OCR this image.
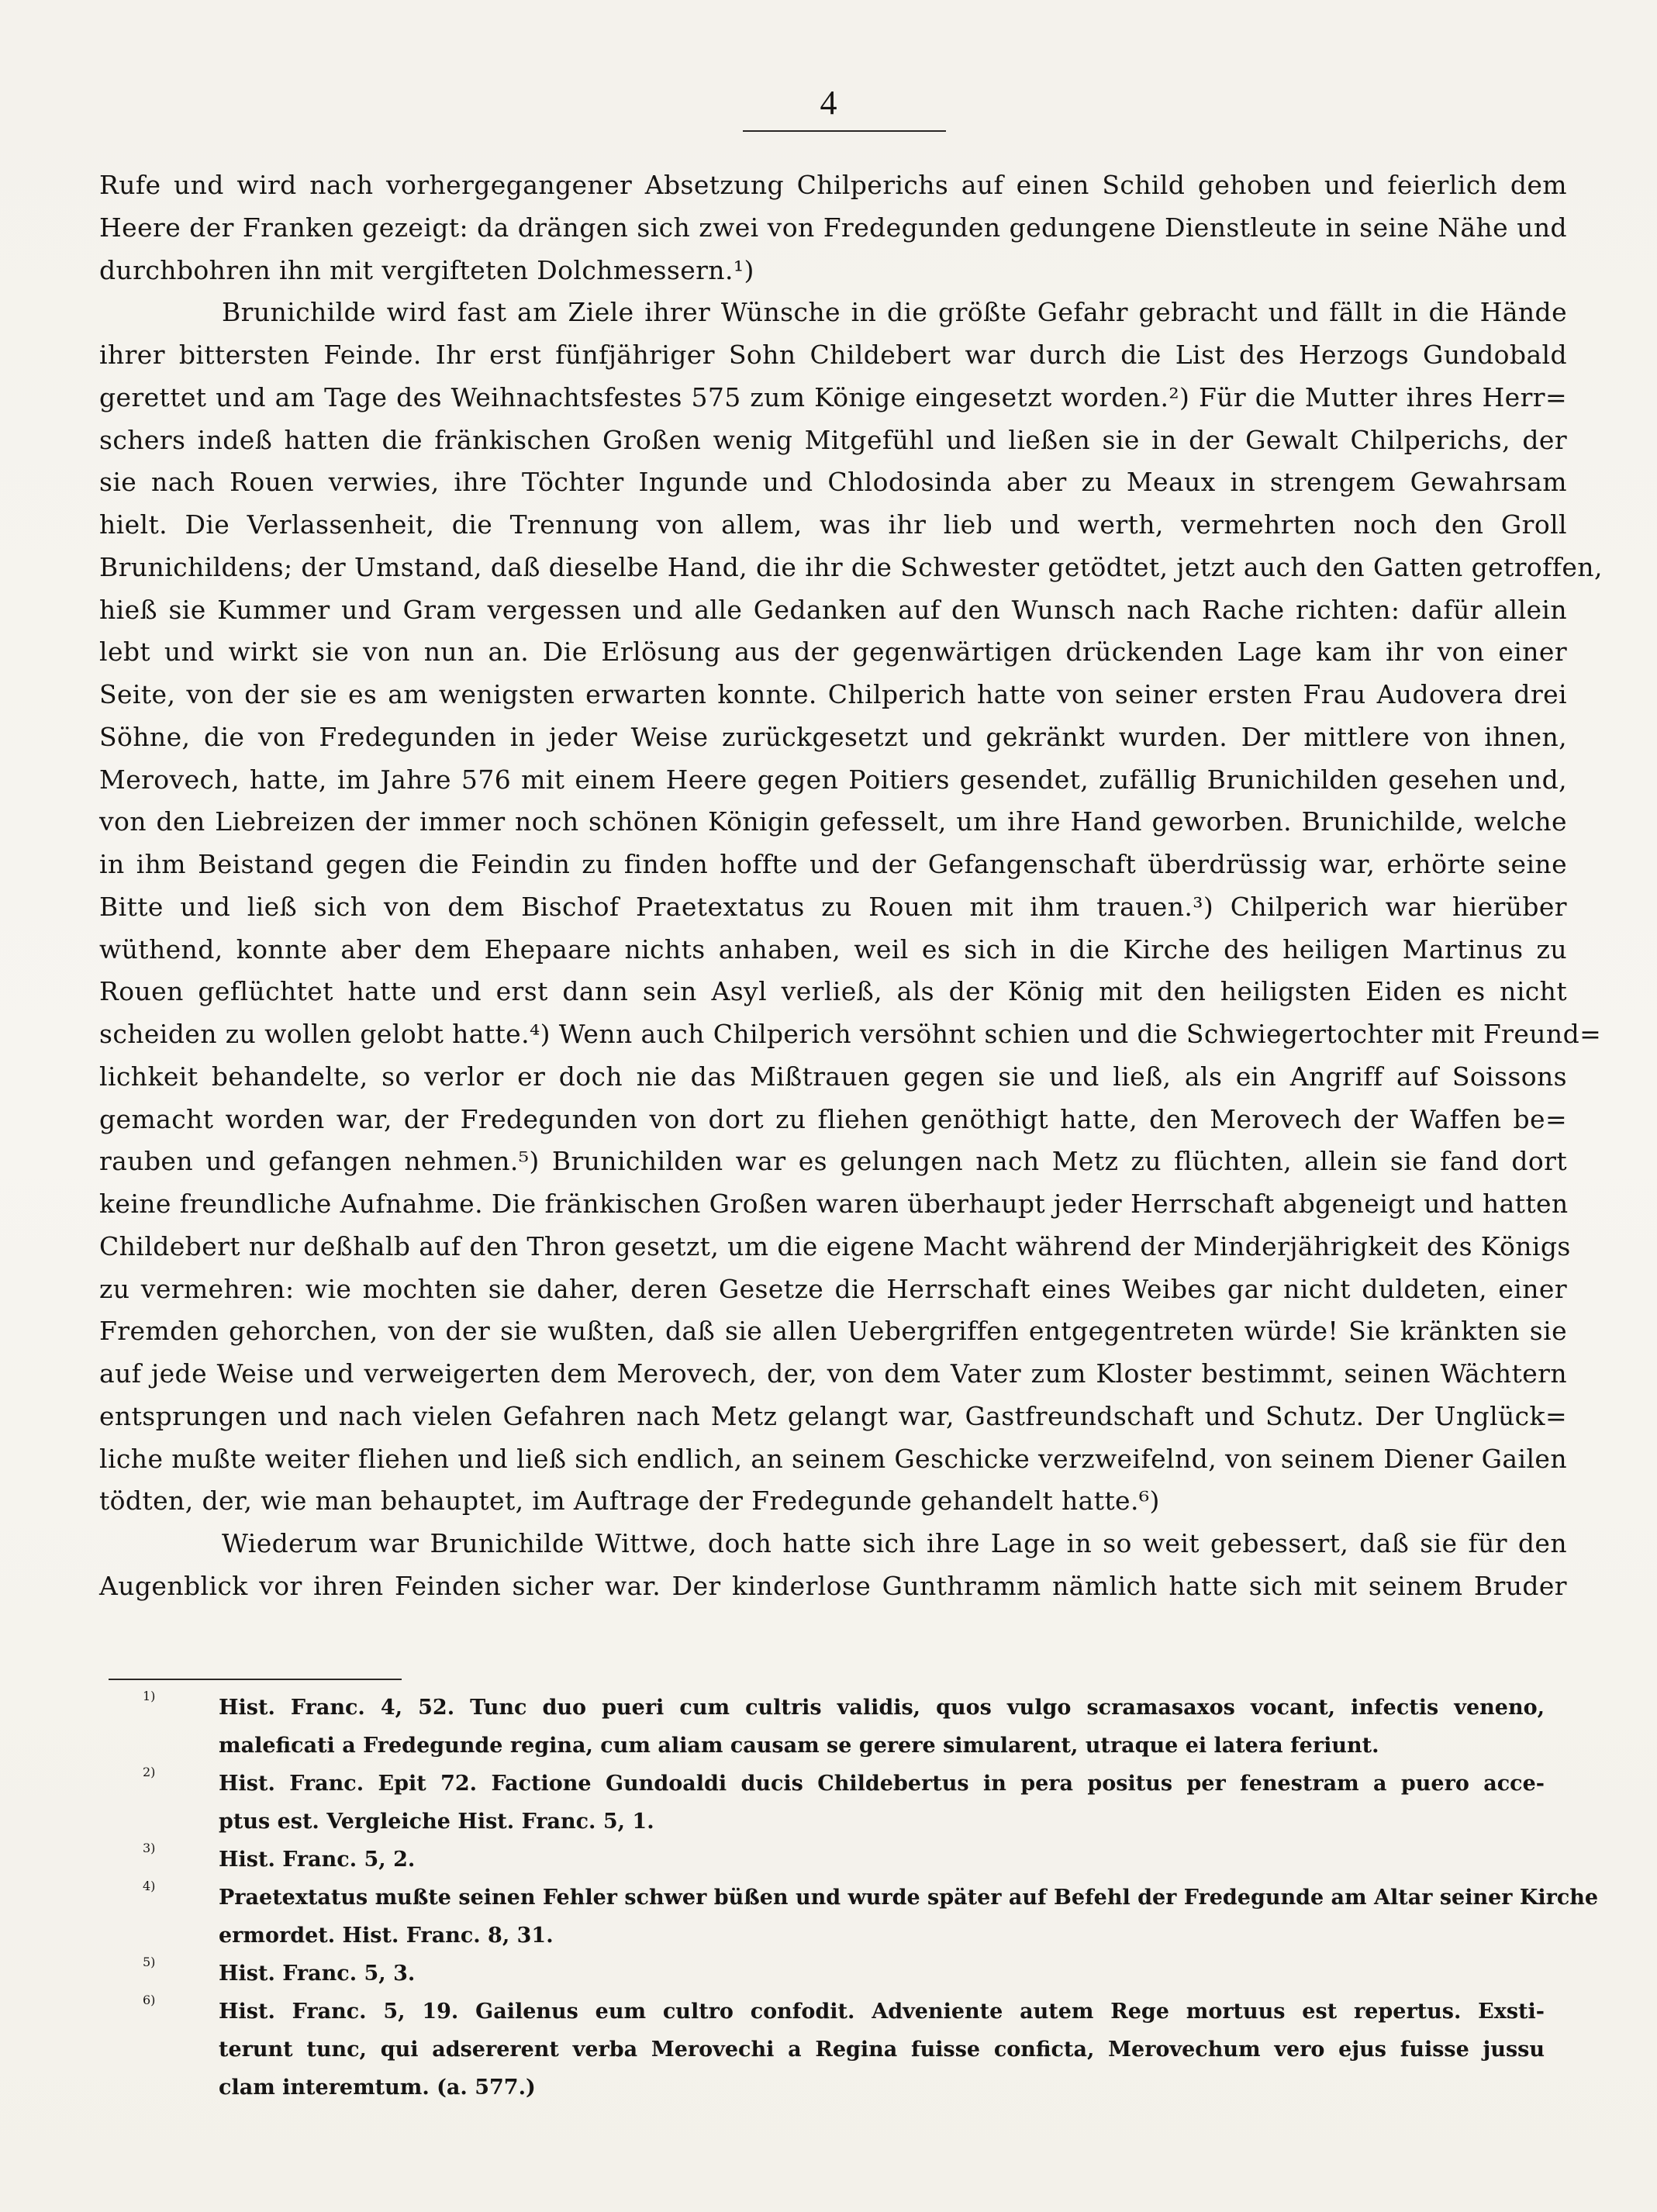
4
Rufe und wird nach vorhergegangener Absetzung Chilperichs auf einen Schild gehoben und feierlich dem
Heere der Franken gezeigt: da drängen sich zwei von Fredegunden gedungene Dienstleute in seine Nähe und
durchbohren ihn mit vergifteten Dolchmessern.¹)
Brunichilde wird fast am Ziele ihrer Wünsche in die größte Gefahr gebracht und fällt in die Hände
ihrer bittersten Feinde. Ihr erst fünfjähriger Sohn Childebert war durch die List des Herzogs Gundobald
gerettet und am Tage des Weihnachtsfestes 575 zum Könige eingesetzt worden.²) Für die Mutter ihres Herr=
schers indeß hatten die fränkischen Großen wenig Mitgefühl und ließen sie in der Gewalt Chilperichs, der
sie nach Rouen verwies, ihre Töchter Ingunde und Chlodosinda aber zu Meaux in strengem Gewahrsam
hielt. Die Verlassenheit, die Trennung von allem, was ihr lieb und werth, vermehrten noch den Groll
Brunichildens; der Umstand, daß dieselbe Hand, die ihr die Schwester getödtet, jetzt auch den Gatten getroffen,
hieß sie Kummer und Gram vergessen und alle Gedanken auf den Wunsch nach Rache richten: dafür allein
lebt und wirkt sie von nun an. Die Erlösung aus der gegenwärtigen drückenden Lage kam ihr von einer
Seite, von der sie es am wenigsten erwarten konnte. Chilperich hatte von seiner ersten Frau Audovera drei
Söhne, die von Fredegunden in jeder Weise zurückgesetzt und gekränkt wurden. Der mittlere von ihnen,
Merovech, hatte, im Jahre 576 mit einem Heere gegen Poitiers gesendet, zufällig Brunichilden gesehen und,
von den Liebreizen der immer noch schönen Königin gefesselt, um ihre Hand geworben. Brunichilde, welche
in ihm Beistand gegen die Feindin zu finden hoffte und der Gefangenschaft überdrüssig war, erhörte seine
Bitte und ließ sich von dem Bischof Praetextatus zu Rouen mit ihm trauen.³) Chilperich war hierüber
wüthend, konnte aber dem Ehepaare nichts anhaben, weil es sich in die Kirche des heiligen Martinus zu
Rouen geflüchtet hatte und erst dann sein Asyl verließ, als der König mit den heiligsten Eiden es nicht
scheiden zu wollen gelobt hatte.⁴) Wenn auch Chilperich versöhnt schien und die Schwiegertochter mit Freund=
lichkeit behandelte, so verlor er doch nie das Mißtrauen gegen sie und ließ, als ein Angriff auf Soissons
gemacht worden war, der Fredegunden von dort zu fliehen genöthigt hatte, den Merovech der Waffen be=
rauben und gefangen nehmen.⁵) Brunichilden war es gelungen nach Metz zu flüchten, allein sie fand dort
keine freundliche Aufnahme. Die fränkischen Großen waren überhaupt jeder Herrschaft abgeneigt und hatten
Childebert nur deßhalb auf den Thron gesetzt, um die eigene Macht während der Minderjährigkeit des Königs
zu vermehren: wie mochten sie daher, deren Gesetze die Herrschaft eines Weibes gar nicht duldeten, einer
Fremden gehorchen, von der sie wußten, daß sie allen Uebergriffen entgegentreten würde! Sie kränkten sie
auf jede Weise und verweigerten dem Merovech, der, von dem Vater zum Kloster bestimmt, seinen Wächtern
entsprungen und nach vielen Gefahren nach Metz gelangt war, Gastfreundschaft und Schutz. Der Unglück=
liche mußte weiter fliehen und ließ sich endlich, an seinem Geschicke verzweifelnd, von seinem Diener Gailen
tödten, der, wie man behauptet, im Auftrage der Fredegunde gehandelt hatte.⁶)
Wiederum war Brunichilde Wittwe, doch hatte sich ihre Lage in so weit gebessert, daß sie für den
Augenblick vor ihren Feinden sicher war. Der kinderlose Gunthramm nämlich hatte sich mit seinem Bruder
1)	Hist. Franc. 4, 52. Tunc duo pueri cum cultris validis, quos vulgo scramasaxos vocant, infectis veneno,
maleficati a Fredegunde regina, cum aliam causam se gerere simularent, utraque ei latera feriunt.
2)	Hist. Franc. Epit 72. Factione Gundoaldi ducis Childebertus in pera positus per fenestram a puero acce-
ptus est. Vergleiche Hist. Franc. 5, 1.
3)	Hist. Franc. 5, 2.
4)	Praetextatus mußte seinen Fehler schwer büßen und wurde später auf Befehl der Fredegunde am Altar seiner Kirche
ermordet. Hist. Franc. 8, 31.
5)	Hist. Franc. 5, 3.
6)	Hist. Franc. 5, 19. Gailenus eum cultro confodit. Adveniente autem Rege mortuus est repertus. Exsti-
terunt tunc, qui adsererent verba Merovechi a Regina fuisse conficta, Merovechum vero ejus fuisse jussu
clam interemtum. (a. 577.)
